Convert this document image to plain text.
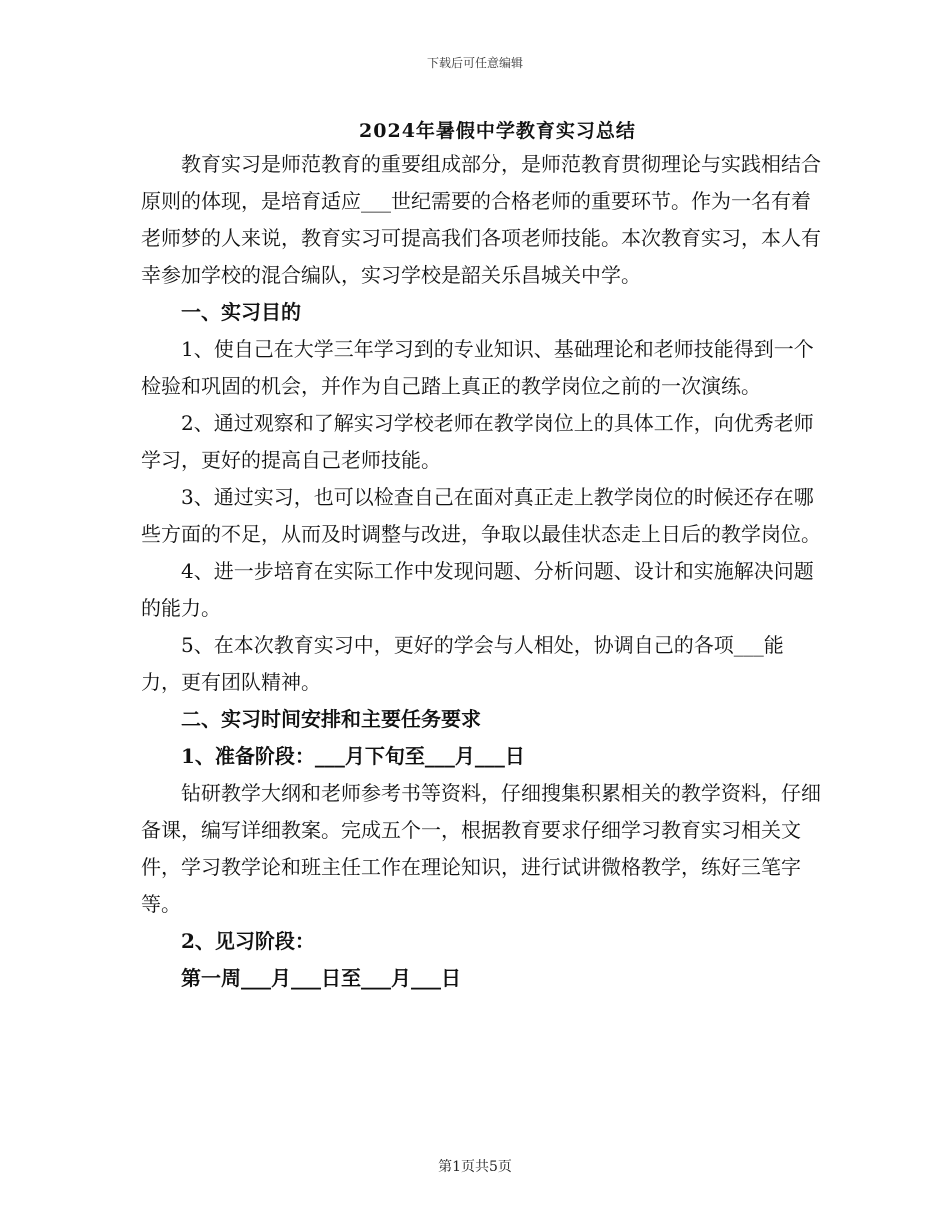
下载后可任意编辑
2024年暑假中学教育实习总结

教育实习是师范教育的重要组成部分，是师范教育贯彻理论与实践相结合原则的体现，是培育适应___世纪需要的合格老师的重要环节。作为一名有着老师梦的人来说，教育实习可提高我们各项老师技能。本次教育实习，本人有幸参加学校的混合编队，实习学校是韶关乐昌城关中学。

一、实习目的

1、使自己在大学三年学习到的专业知识、基础理论和老师技能得到一个检验和巩固的机会，并作为自己踏上真正的教学岗位之前的一次演练。

2、通过观察和了解实习学校老师在教学岗位上的具体工作，向优秀老师学习，更好的提高自己老师技能。

3、通过实习，也可以检查自己在面对真正走上教学岗位的时候还存在哪些方面的不足，从而及时调整与改进，争取以最佳状态走上日后的教学岗位。

4、进一步培育在实际工作中发现问题、分析问题、设计和实施解决问题的能力。

5、在本次教育实习中，更好的学会与人相处，协调自己的各项___能力，更有团队精神。

二、实习时间安排和主要任务要求

1、准备阶段：___月下旬至___月___日

钻研教学大纲和老师参考书等资料，仔细搜集积累相关的教学资料，仔细备课，编写详细教案。完成五个一，根据教育要求仔细学习教育实习相关文件，学习教学论和班主任工作在理论知识，进行试讲微格教学，练好三笔字等。

2、见习阶段：

第一周___月___日至___月___日

第1页共5页
